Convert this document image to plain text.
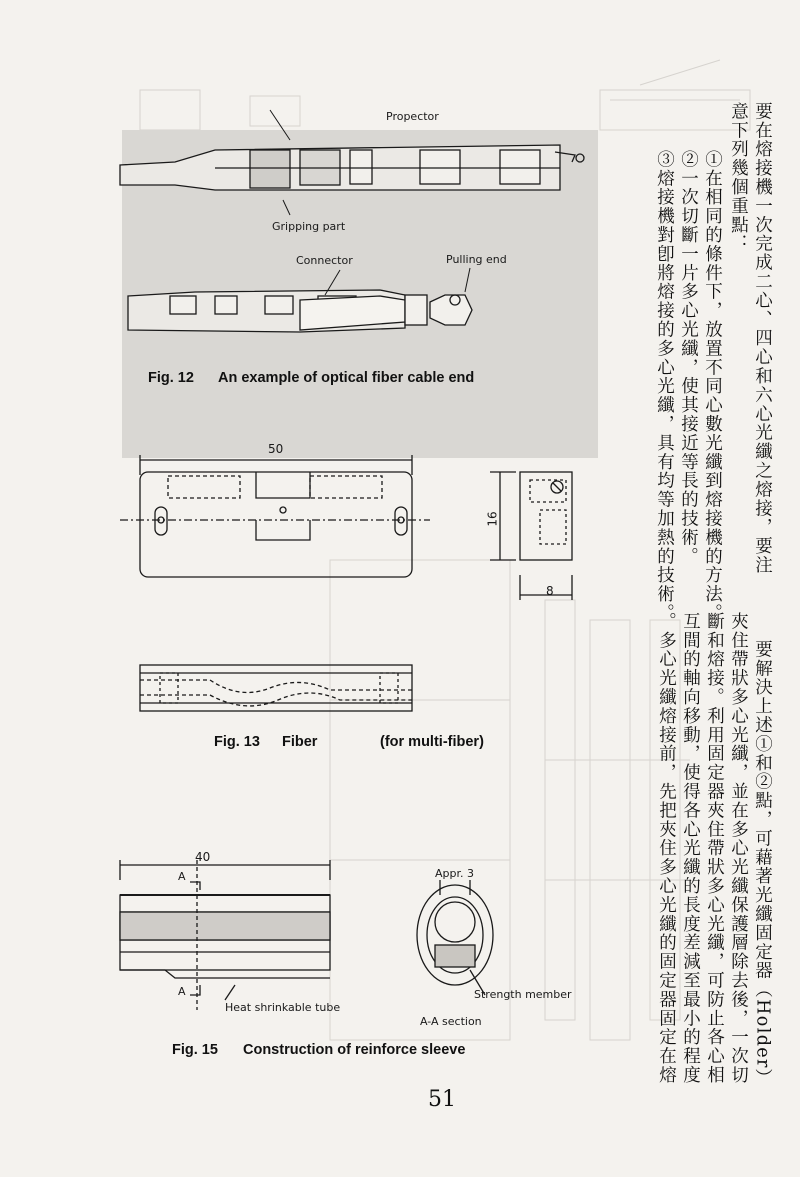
Propector
Gripping part
Connector	Pulling end
Fig. 12 An example of optical fiber cable end
50
16
8
Fig. 13 Fiber	(for multi-fiber)
40
A
A
Appr. 3
Heat shrinkable tube
Strength member
A-A section
Fig. 15 Construction of reinforce sleeve
要在熔接機一次完成二心、四心和六心光纖之熔接，要注
意下列幾個重點：
①在相同的條件下，放置不同心數光纖到熔接機的方法。
②一次切斷一片多心光纖，使其接近等長的技術。
③熔接機對卽將熔接的多心光纖，具有均等加熱的技術。
要解決上述①和②點，可藉著光纖固定器（Holder）
夾住帶狀多心光纖，並在多心光纖保護層除去後，一次切
斷和熔接。利用固定器夾住帶狀多心光纖，可防止各心相
互間的軸向移動，使得各心光纖的長度差減至最小的程度
。多心光纖熔接前，先把夾住多心光纖的固定器固定在熔
51
